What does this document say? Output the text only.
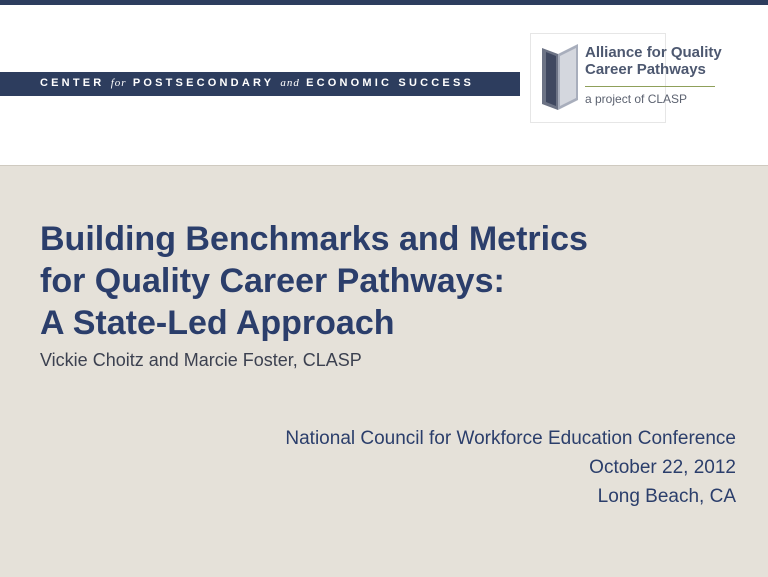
CENTER for POSTSECONDARY and ECONOMIC SUCCESS
Alliance for Quality
Career Pathways
a project of CLASP
Building Benchmarks and Metrics
for Quality Career Pathways:
A State-Led Approach
Vickie Choitz and Marcie Foster, CLASP
National Council for Workforce Education Conference
October 22, 2012
Long Beach, CA
